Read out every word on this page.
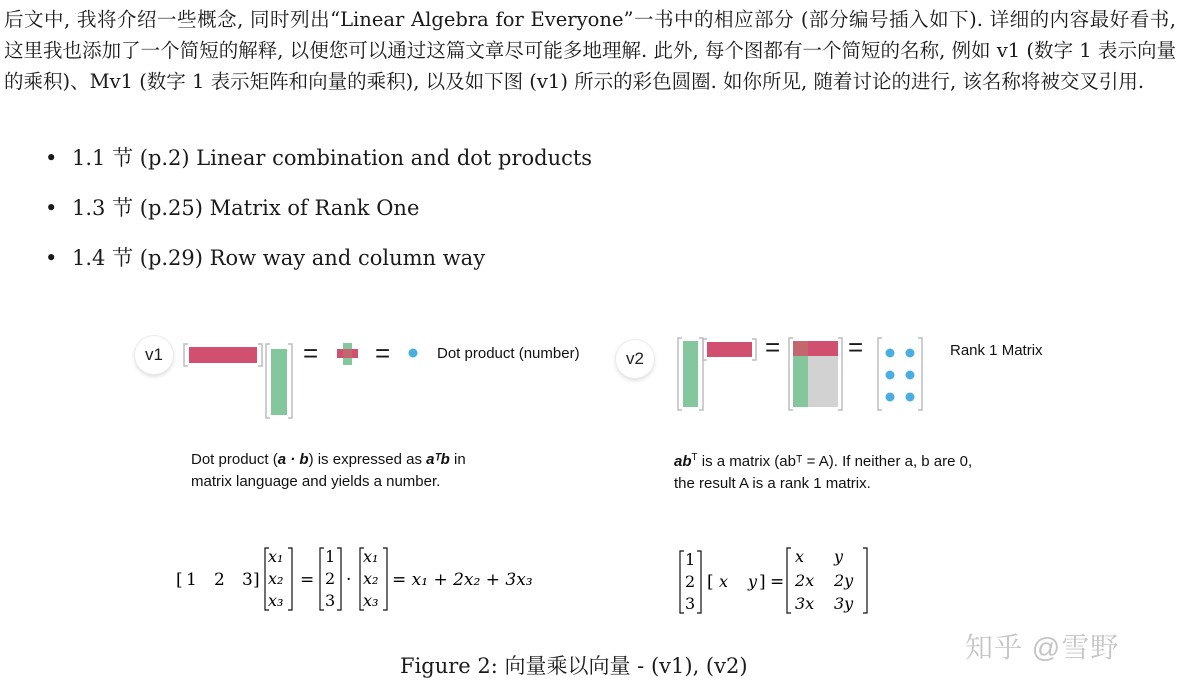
后文中, 我将介绍一些概念, 同时列出“Linear Algebra for Everyone”一书中的相应部分 (部分编号插入如下). 详细的内容最好看书, 这里我也添加了一个简短的解释, 以便您可以通过这篇文章尽可能多地理解. 此外, 每个图都有一个简短的名称, 例如 v1 (数字 1 表示向量的乘积)、Mv1 (数字 1 表示矩阵和向量的乘积), 以及如下图 (v1) 所示的彩色圆圈. 如你所见, 随着讨论的进行, 该名称将被交叉引用.

• 1.1 节 (p.2) Linear combination and dot products
• 1.3 节 (p.25) Matrix of Rank One
• 1.4 节 (p.29) Row way and column way
v1	= =	Dot product (number)
Dot product (a · b) is expressed as aᵀb in
matrix language and yields a number.
[ 1 2 3 ]
x₁
x₂
x₃
=
1
2
3
·
x₁
x₂
x₃
= x₁ + 2x₂ + 3x₃
v2	=	=	Rank 1 Matrix
$ab^T$ is a matrix (abᵀ = A). If neither a, b are 0,
the result A is a rank 1 matrix.
1
2
3
[ x y ] =
x y
2x 2y
3x 3y
Figure 2: 向量乘以向量 - (v1), (v2)
知乎 @雪野
